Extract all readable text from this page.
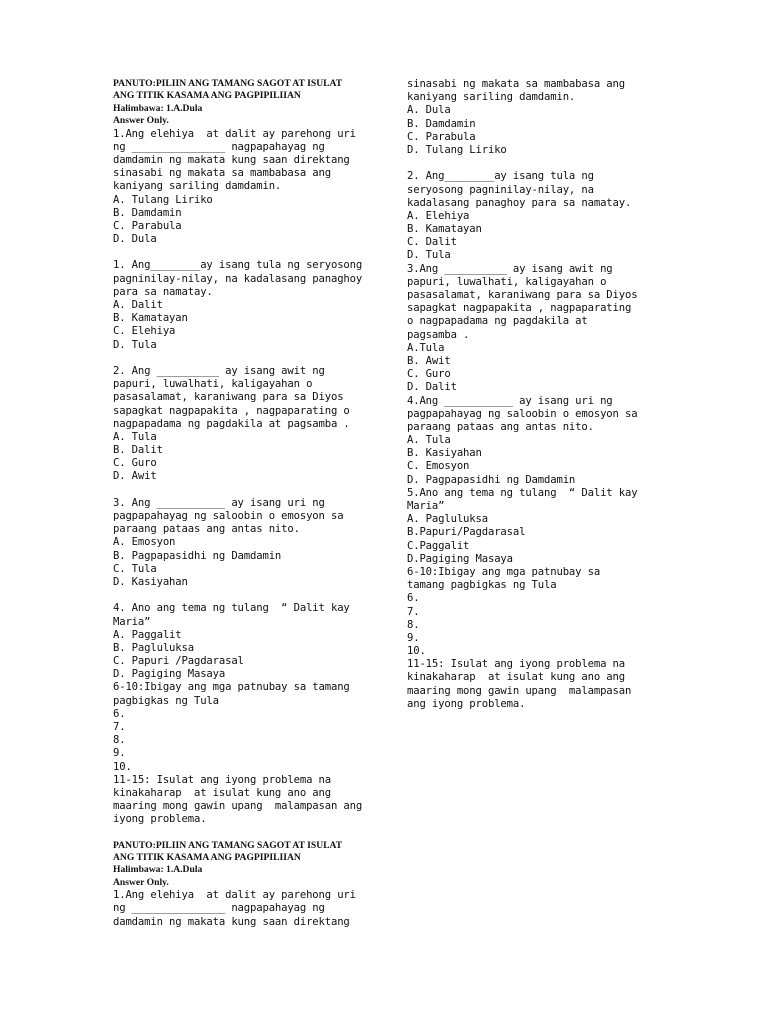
PANUTO:PILIIN ANG TAMANG SAGOT AT ISULAT
ANG TITIK KASAMA ANG PAGPIPILIIAN
Halimbawa: 1.A.Dula
Answer Only.
1.Ang elehiya  at dalit ay parehong uri
ng _______________ nagpapahayag ng
damdamin ng makata kung saan direktang
sinasabi ng makata sa mambabasa ang
kaniyang sariling damdamin.
A. Tulang Liriko
B. Damdamin
C. Parabula
D. Dula
1. Ang________ay isang tula ng seryosong
pagninilay-nilay, na kadalasang panaghoy
para sa namatay.
A. Dalit
B. Kamatayan
C. Elehiya
D. Tula
2. Ang __________ ay isang awit ng
papuri, luwalhati, kaligayahan o
pasasalamat, karaniwang para sa Diyos
sapagkat nagpapakita , nagpaparating o
nagpapadama ng pagdakila at pagsamba .
A. Tula
B. Dalit
C. Guro
D. Awit
3. Ang ___________ ay isang uri ng
pagpapahayag ng saloobin o emosyon sa
paraang pataas ang antas nito.
A. Emosyon
B. Pagpapasidhi ng Damdamin
C. Tula
D. Kasiyahan
4. Ano ang tema ng tulang  “ Dalit kay
Maria”
A. Paggalit
B. Pagluluksa
C. Papuri /Pagdarasal
D. Pagiging Masaya
6-10:Ibigay ang mga patnubay sa tamang
pagbigkas ng Tula
6.
7.
8.
9.
10.
11-15: Isulat ang iyong problema na
kinakaharap  at isulat kung ano ang
maaring mong gawin upang  malampasan ang
iyong problema.
PANUTO:PILIIN ANG TAMANG SAGOT AT ISULAT
ANG TITIK KASAMA ANG PAGPIPILIIAN
Halimbawa: 1.A.Dula
Answer Only.
1.Ang elehiya  at dalit ay parehong uri
ng _______________ nagpapahayag ng
damdamin ng makata kung saan direktang
sinasabi ng makata sa mambabasa ang
kaniyang sariling damdamin.
A. Dula
B. Damdamin
C. Parabula
D. Tulang Liriko
2. Ang________ay isang tula ng
seryosong pagninilay-nilay, na
kadalasang panaghoy para sa namatay.
A. Elehiya
B. Kamatayan
C. Dalit
D. Tula
3.Ang __________ ay isang awit ng
papuri, luwalhati, kaligayahan o
pasasalamat, karaniwang para sa Diyos
sapagkat nagpapakita , nagpaparating
o nagpapadama ng pagdakila at
pagsamba .
A.Tula
B. Awit
C. Guro
D. Dalit
4.Ang ___________ ay isang uri ng
pagpapahayag ng saloobin o emosyon sa
paraang pataas ang antas nito.
A. Tula
B. Kasiyahan
C. Emosyon
D. Pagpapasidhi ng Damdamin
5.Ano ang tema ng tulang  “ Dalit kay
Maria”
A. Pagluluksa
B.Papuri/Pagdarasal
C.Paggalit
D.Pagiging Masaya
6-10:Ibigay ang mga patnubay sa
tamang pagbigkas ng Tula
6.
7.
8.
9.
10.
11-15: Isulat ang iyong problema na
kinakaharap  at isulat kung ano ang
maaring mong gawin upang  malampasan
ang iyong problema.
